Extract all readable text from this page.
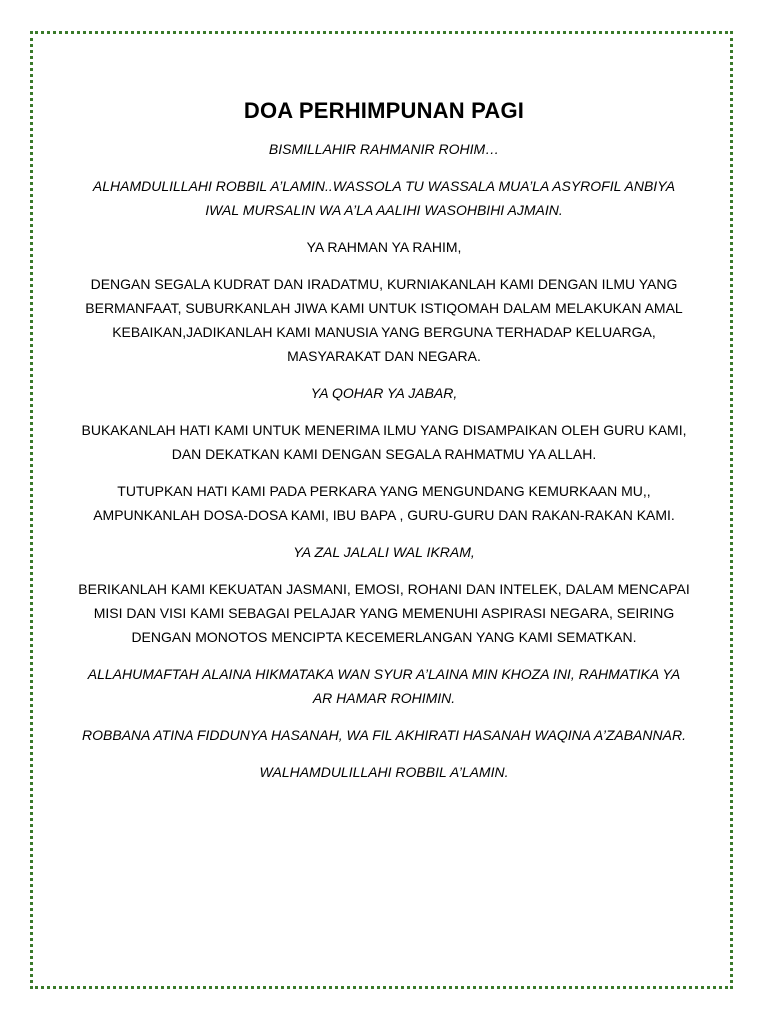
DOA PERHIMPUNAN PAGI

BISMILLAHIR RAHMANIR ROHIM…

ALHAMDULILLAHI ROBBIL A’LAMIN..WASSOLA TU WASSALA MUA’LA ASYROFIL ANBIYA IWAL MURSALIN WA A’LA AALIHI WASOHBIHI AJMAIN.

YA RAHMAN YA RAHIM,

DENGAN SEGALA KUDRAT DAN IRADATMU, KURNIAKANLAH KAMI DENGAN ILMU YANG BERMANFAAT, SUBURKANLAH JIWA KAMI UNTUK ISTIQOMAH DALAM MELAKUKAN AMAL KEBAIKAN,JADIKANLAH KAMI MANUSIA YANG BERGUNA TERHADAP KELUARGA, MASYARAKAT DAN NEGARA.

YA QOHAR YA JABAR,

BUKAKANLAH HATI KAMI UNTUK MENERIMA ILMU YANG DISAMPAIKAN OLEH GURU KAMI, DAN DEKATKAN KAMI DENGAN SEGALA RAHMATMU YA ALLAH.

TUTUPKAN HATI KAMI PADA PERKARA YANG MENGUNDANG KEMURKAAN MU,, AMPUNKANLAH DOSA-DOSA KAMI, IBU BAPA , GURU-GURU DAN RAKAN-RAKAN KAMI.

YA ZAL JALALI WAL IKRAM,

BERIKANLAH KAMI KEKUATAN JASMANI, EMOSI, ROHANI DAN INTELEK, DALAM MENCAPAI MISI DAN VISI KAMI SEBAGAI PELAJAR YANG MEMENUHI ASPIRASI NEGARA, SEIRING DENGAN MONOTOS MENCIPTA KECEMERLANGAN YANG KAMI SEMATKAN.

ALLAHUMAFTAH ALAINA HIKMATAKA WAN SYUR A’LAINA MIN KHOZA INI, RAHMATIKA YA AR HAMAR ROHIMIN.

ROBBANA ATINA FIDDUNYA HASANAH, WA FIL AKHIRATI HASANAH WAQINA A’ZABANNAR.

WALHAMDULILLAHI ROBBIL A’LAMIN.
